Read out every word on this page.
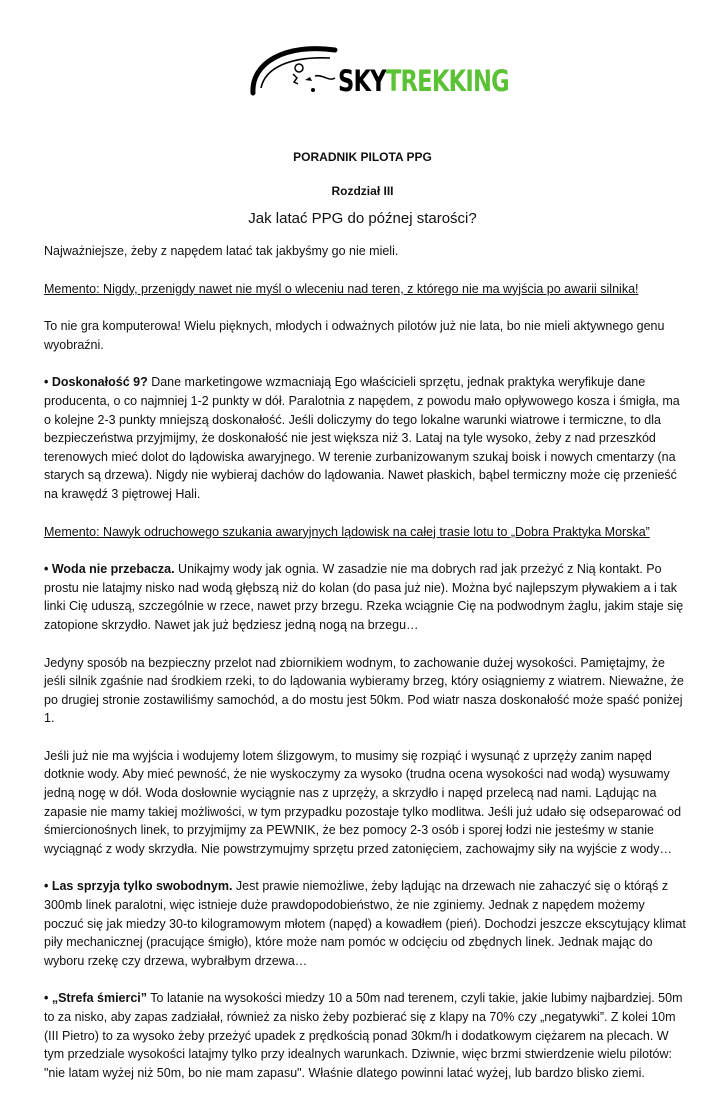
SKYTREKKING
PORADNIK PILOTA PPG
Rozdział III
Jak latać PPG do późnej starości?

Najważniejsze, żeby z napędem latać tak jakbyśmy go nie mieli.

Memento: Nigdy, przenigdy nawet nie myśl o wleceniu nad teren, z którego nie ma wyjścia po awarii silnika!

To nie gra komputerowa! Wielu pięknych, młodych i odważnych pilotów już nie lata, bo nie mieli aktywnego genu wyobraźni.

• Doskonałość 9? Dane marketingowe wzmacniają Ego właścicieli sprzętu, jednak praktyka weryfikuje dane producenta, o co najmniej 1-2 punkty w dół. Paralotnia z napędem, z powodu mało opływowego kosza i śmigła, ma o kolejne 2-3 punkty mniejszą doskonałość. Jeśli doliczymy do tego lokalne warunki wiatrowe i termiczne, to dla bezpieczeństwa przyjmijmy, że doskonałość nie jest większa niż 3. Lataj na tyle wysoko, żeby z nad przeszkód terenowych mieć dolot do lądowiska awaryjnego. W terenie zurbanizowanym szukaj boisk i nowych cmentarzy (na starych są drzewa). Nigdy nie wybieraj dachów do lądowania. Nawet płaskich, bąbel termiczny może cię przenieść na krawędź 3 piętrowej Hali.

Memento: Nawyk odruchowego szukania awaryjnych lądowisk na całej trasie lotu to „Dobra Praktyka Morska”

• Woda nie przebacza. Unikajmy wody jak ognia. W zasadzie nie ma dobrych rad jak przeżyć z Nią kontakt. Po prostu nie latajmy nisko nad wodą głębszą niż do kolan (do pasa już nie). Można być najlepszym pływakiem a i tak linki Cię uduszą, szczególnie w rzece, nawet przy brzegu. Rzeka wciągnie Cię na podwodnym żaglu, jakim staje się zatopione skrzydło. Nawet jak już będziesz jedną nogą na brzegu…

Jedyny sposób na bezpieczny przelot nad zbiornikiem wodnym, to zachowanie dużej wysokości. Pamiętajmy, że jeśli silnik zgaśnie nad środkiem rzeki, to do lądowania wybieramy brzeg, który osiągniemy z wiatrem. Nieważne, że po drugiej stronie zostawiliśmy samochód, a do mostu jest 50km. Pod wiatr nasza doskonałość może spaść poniżej 1.

Jeśli już nie ma wyjścia i wodujemy lotem ślizgowym, to musimy się rozpiąć i wysunąć z uprzęży zanim napęd dotknie wody. Aby mieć pewność, że nie wyskoczymy za wysoko (trudna ocena wysokości nad wodą) wysuwamy jedną nogę w dół. Woda dosłownie wyciągnie nas z uprzęży, a skrzydło i napęd przelecą nad nami. Lądując na zapasie nie mamy takiej możliwości, w tym przypadku pozostaje tylko modlitwa. Jeśli już udało się odseparować od śmiercionośnych linek, to przyjmijmy za PEWNIK, że bez pomocy 2-3 osób i sporej łodzi nie jesteśmy w stanie wyciągnąć z wody skrzydła. Nie powstrzymujmy sprzętu przed zatonięciem, zachowajmy siły na wyjście z wody…

• Las sprzyja tylko swobodnym. Jest prawie niemożliwe, żeby lądując na drzewach nie zahaczyć się o którąś z 300mb linek paralotni, więc istnieje duże prawdopodobieństwo, że nie zginiemy. Jednak z napędem możemy poczuć się jak miedzy 30-to kilogramowym młotem (napęd) a kowadłem (pień). Dochodzi jeszcze ekscytujący klimat piły mechanicznej (pracujące śmigło), które może nam pomóc w odcięciu od zbędnych linek. Jednak mając do wyboru rzekę czy drzewa, wybrałbym drzewa…

• „Strefa śmierci” To latanie na wysokości miedzy 10 a 50m nad terenem, czyli takie, jakie lubimy najbardziej. 50m to za nisko, aby zapas zadziałał, również za nisko żeby pozbierać się z klapy na 70% czy „negatywki”. Z kolei 10m (III Pietro) to za wysoko żeby przeżyć upadek z prędkością ponad 30km/h i dodatkowym ciężarem na plecach. W tym przedziale wysokości latajmy tylko przy idealnych warunkach. Dziwnie, więc brzmi stwierdzenie wielu pilotów: "nie latam wyżej niż 50m, bo nie mam zapasu". Właśnie dlatego powinni latać wyżej, lub bardzo blisko ziemi.
